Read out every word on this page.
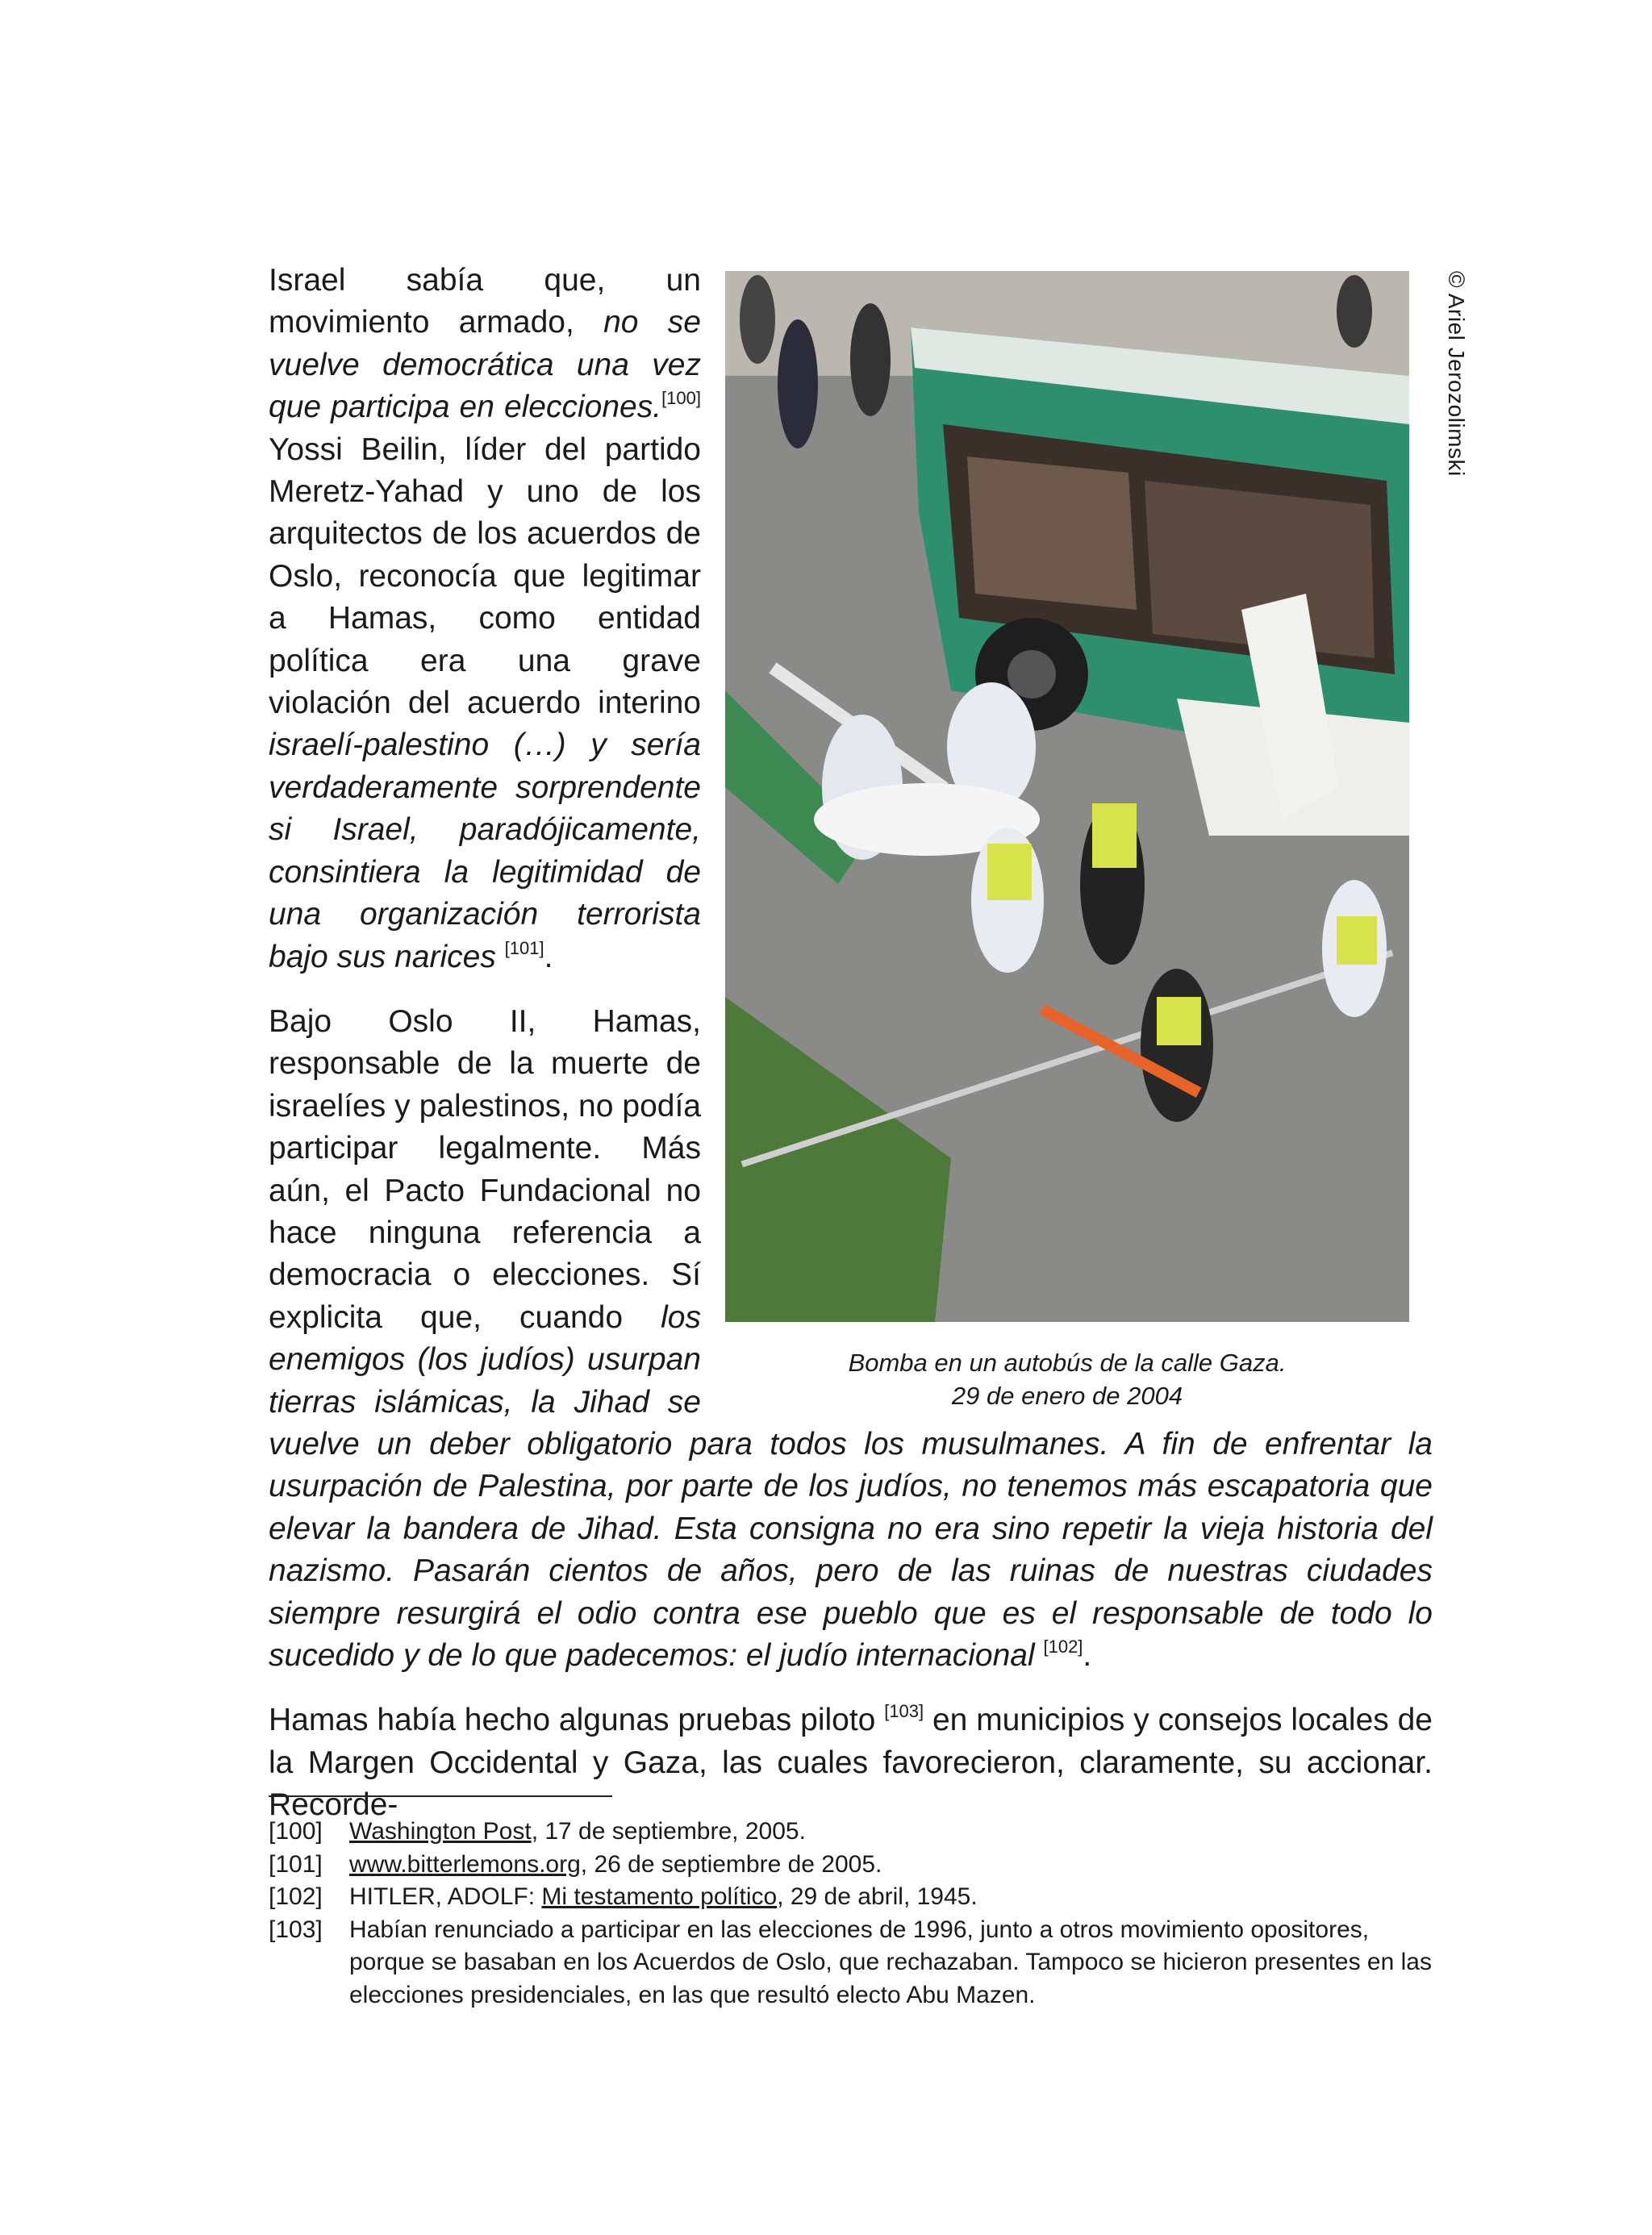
© Ariel Jerozolimski
Bomba en un autobús de la calle Gaza.
29 de enero de 2004

Israel sabía que, un movimiento armado, no se vuelve democrática una vez que participa en elecciones.[100] Yossi Beilin, líder del partido Meretz-Yahad y uno de los arquitectos de los acuerdos de Oslo, reconocía que legitimar a Hamas, como entidad política era una grave violación del acuerdo interino israelí-palestino (…) y sería verdaderamente sorprendente si Israel, paradójicamente, consintiera la legitimidad de una organización terrorista bajo sus narices [101].

Bajo Oslo II, Hamas, responsable de la muerte de israelíes y palestinos, no podía participar legalmente. Más aún, el Pacto Fundacional no hace ninguna referencia a democracia o elecciones. Sí explicita que, cuando los enemigos (los judíos) usurpan tierras islámicas, la Jihad se vuelve un deber obligatorio para todos los musulmanes. A fin de enfrentar la usurpación de Palestina, por parte de los judíos, no tenemos más escapatoria que elevar la bandera de Jihad. Esta consigna no era sino repetir la vieja historia del nazismo. Pasarán cientos de años, pero de las ruinas de nuestras ciudades siempre resurgirá el odio contra ese pueblo que es el responsable de todo lo sucedido y de lo que padecemos: el judío internacional [102].

Hamas había hecho algunas pruebas piloto [103] en municipios y consejos locales de la Margen Occidental y Gaza, las cuales favorecieron, claramente, su accionar. Recorde-

[100]	Washington Post, 17 de septiembre, 2005.
[101]	www.bitterlemons.org, 26 de septiembre de 2005.
[102]	HITLER, ADOLF: Mi testamento político, 29 de abril, 1945.
[103]	Habían renunciado a participar en las elecciones de 1996, junto a otros movimiento opositores, porque se basaban en los Acuerdos de Oslo, que rechazaban. Tampoco se hicieron presentes en las elecciones presidenciales, en las que resultó electo Abu Mazen.
